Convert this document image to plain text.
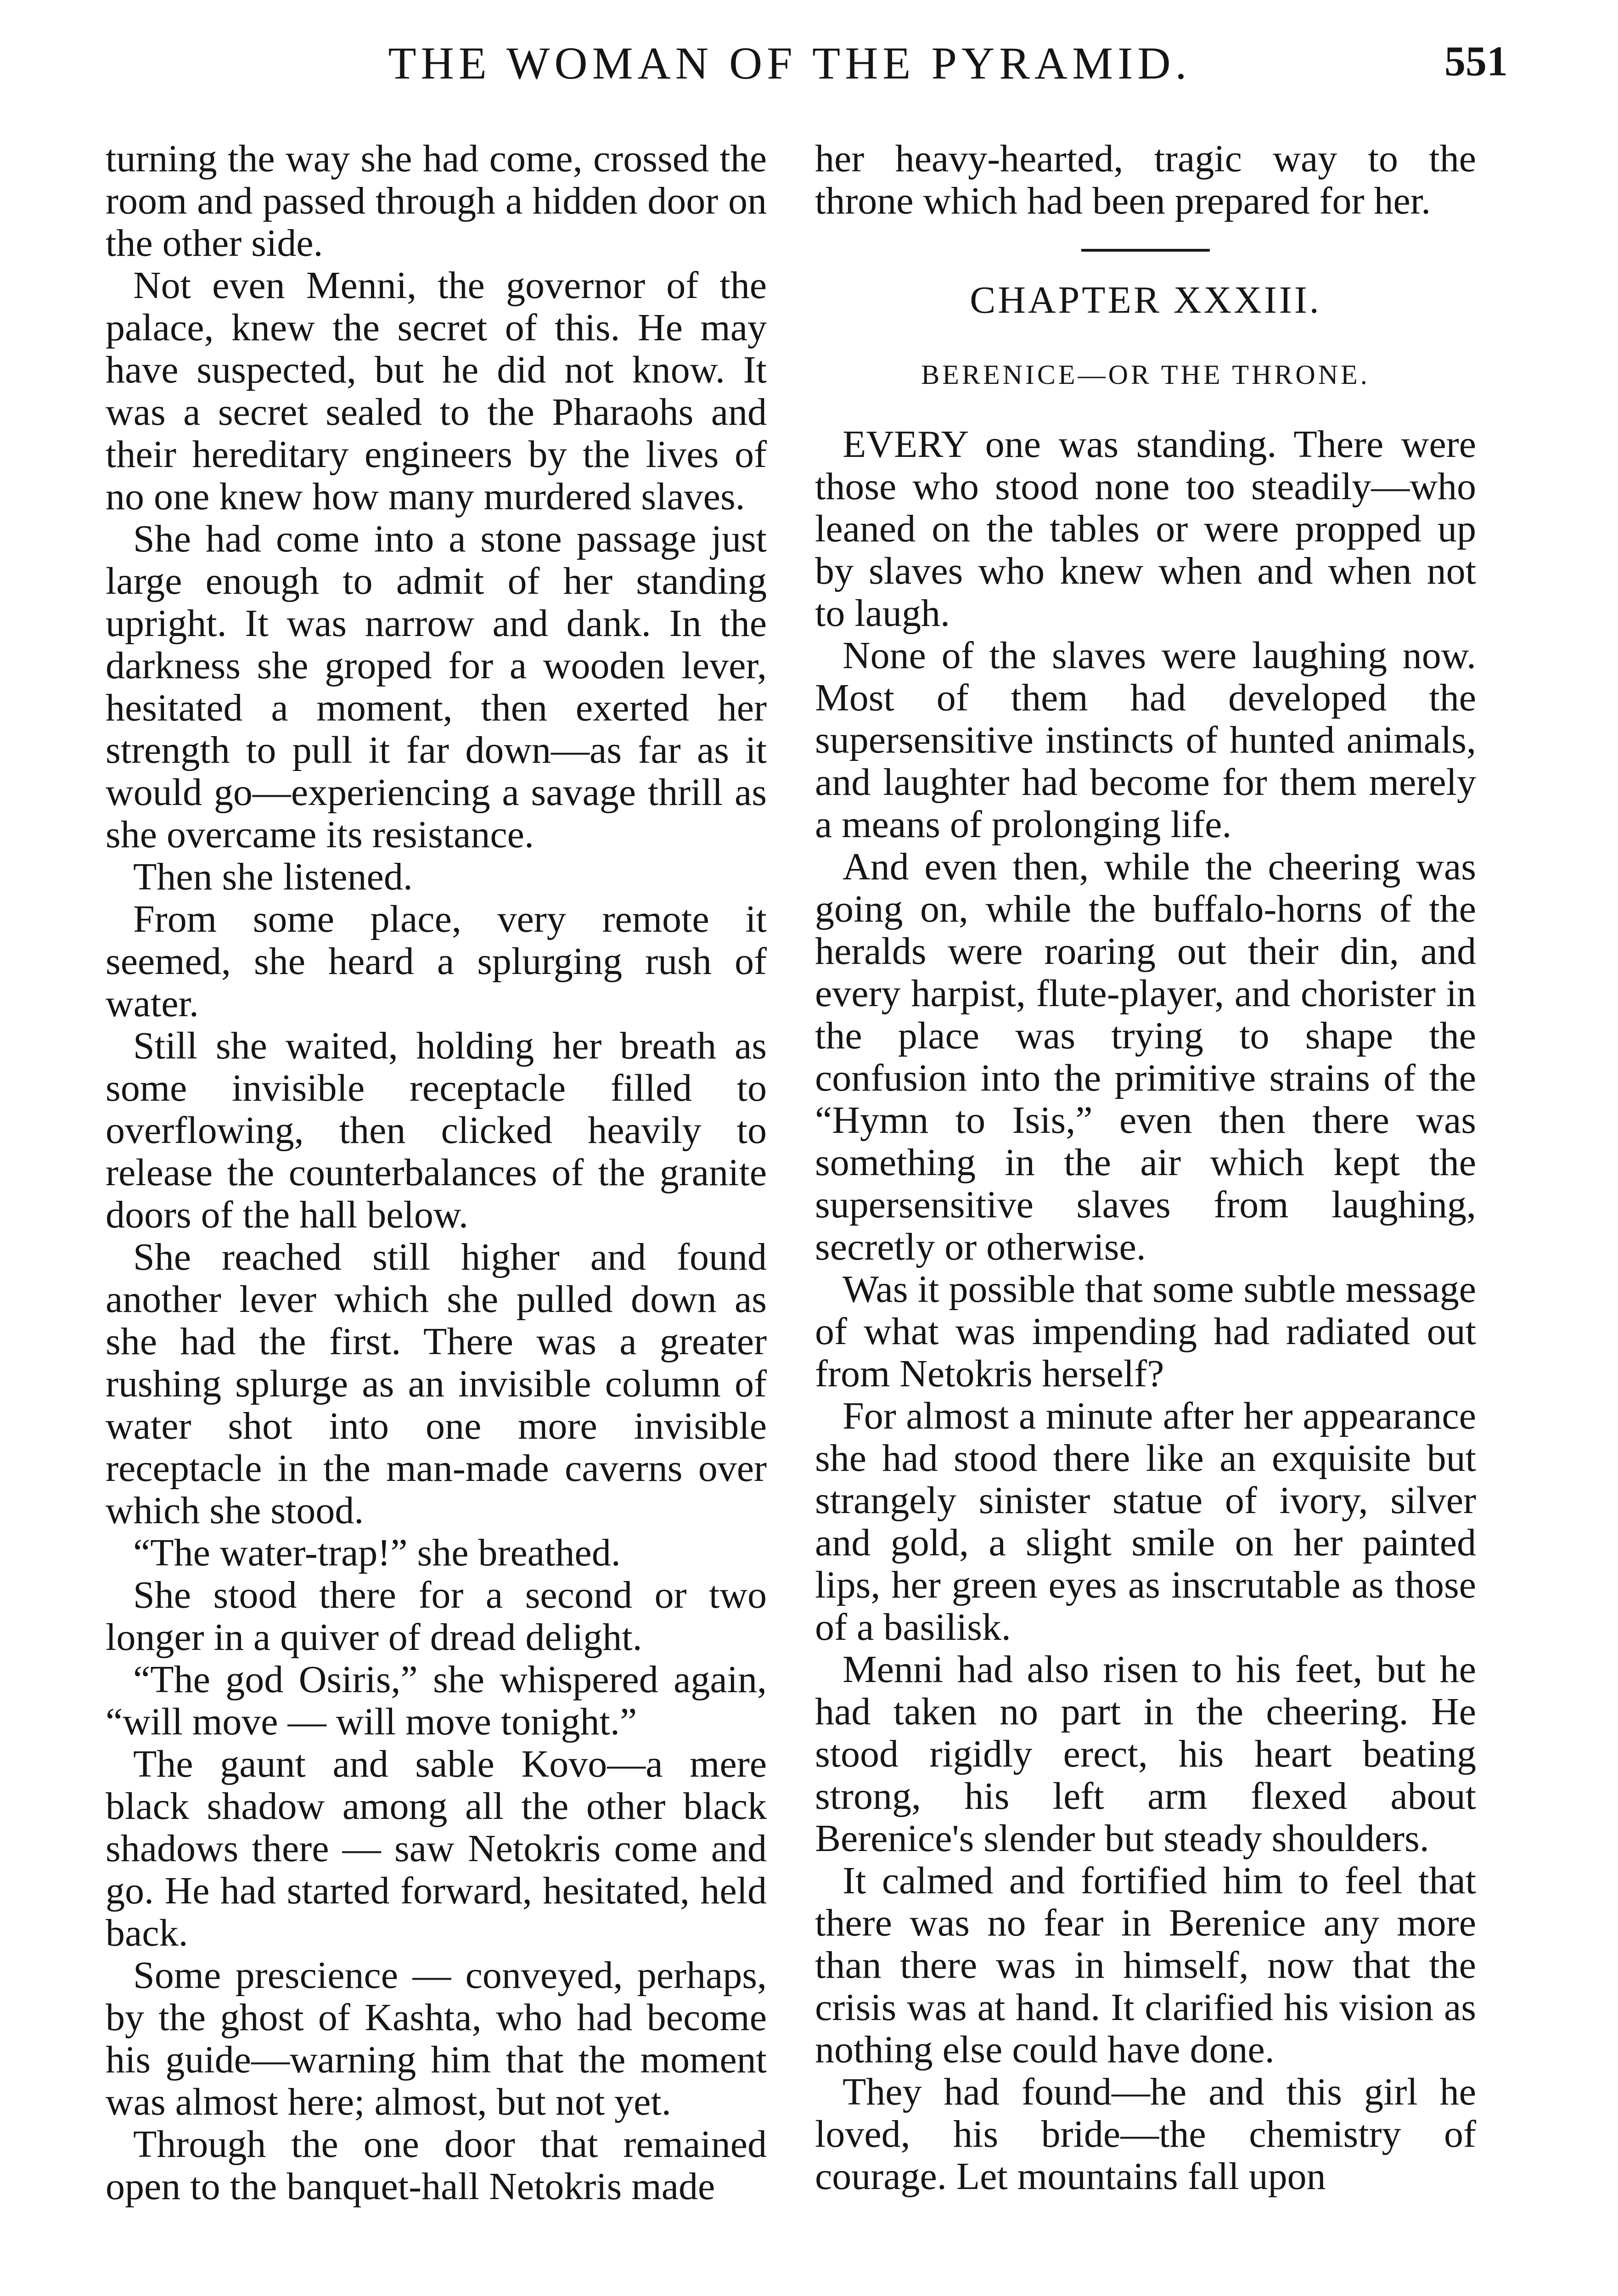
THE WOMAN OF THE PYRAMID.	551

turning the way she had come, crossed the room and passed through a hidden door on the other side.

Not even Menni, the governor of the palace, knew the secret of this. He may have suspected, but he did not know. It was a secret sealed to the Pharaohs and their hereditary engineers by the lives of no one knew how many murdered slaves.

She had come into a stone passage just large enough to admit of her standing upright. It was narrow and dank. In the darkness she groped for a wooden lever, hesitated a moment, then exerted her strength to pull it far down—as far as it would go—experiencing a savage thrill as she overcame its resistance.

Then she listened.

From some place, very remote it seemed, she heard a splurging rush of water.

Still she waited, holding her breath as some invisible receptacle filled to overflowing, then clicked heavily to release the counterbalances of the granite doors of the hall below.

She reached still higher and found another lever which she pulled down as she had the first. There was a greater rushing splurge as an invisible column of water shot into one more invisible receptacle in the man-made caverns over which she stood.

“The water-trap!” she breathed.

She stood there for a second or two longer in a quiver of dread delight.

“The god Osiris,” she whispered again, “will move — will move tonight.”

The gaunt and sable Kovo—a mere black shadow among all the other black shadows there — saw Netokris come and go. He had started forward, hesitated, held back.

Some prescience — conveyed, perhaps, by the ghost of Kashta, who had become his guide—warning him that the moment was almost here; almost, but not yet.

Through the one door that remained open to the banquet-hall Netokris made

her heavy-hearted, tragic way to the throne which had been prepared for her.

CHAPTER XXXIII.
BERENICE—OR THE THRONE.

EVERY one was standing. There were those who stood none too steadily—who leaned on the tables or were propped up by slaves who knew when and when not to laugh.

None of the slaves were laughing now. Most of them had developed the supersensitive instincts of hunted animals, and laughter had become for them merely a means of prolonging life.

And even then, while the cheering was going on, while the buffalo-horns of the heralds were roaring out their din, and every harpist, flute-player, and chorister in the place was trying to shape the confusion into the primitive strains of the “Hymn to Isis,” even then there was something in the air which kept the supersensitive slaves from laughing, secretly or otherwise.

Was it possible that some subtle message of what was impending had radiated out from Netokris herself?

For almost a minute after her appearance she had stood there like an exquisite but strangely sinister statue of ivory, silver and gold, a slight smile on her painted lips, her green eyes as inscrutable as those of a basilisk.

Menni had also risen to his feet, but he had taken no part in the cheering. He stood rigidly erect, his heart beating strong, his left arm flexed about Berenice's slender but steady shoulders.

It calmed and fortified him to feel that there was no fear in Berenice any more than there was in himself, now that the crisis was at hand. It clarified his vision as nothing else could have done.

They had found—he and this girl he loved, his bride—the chemistry of courage. Let mountains fall upon
